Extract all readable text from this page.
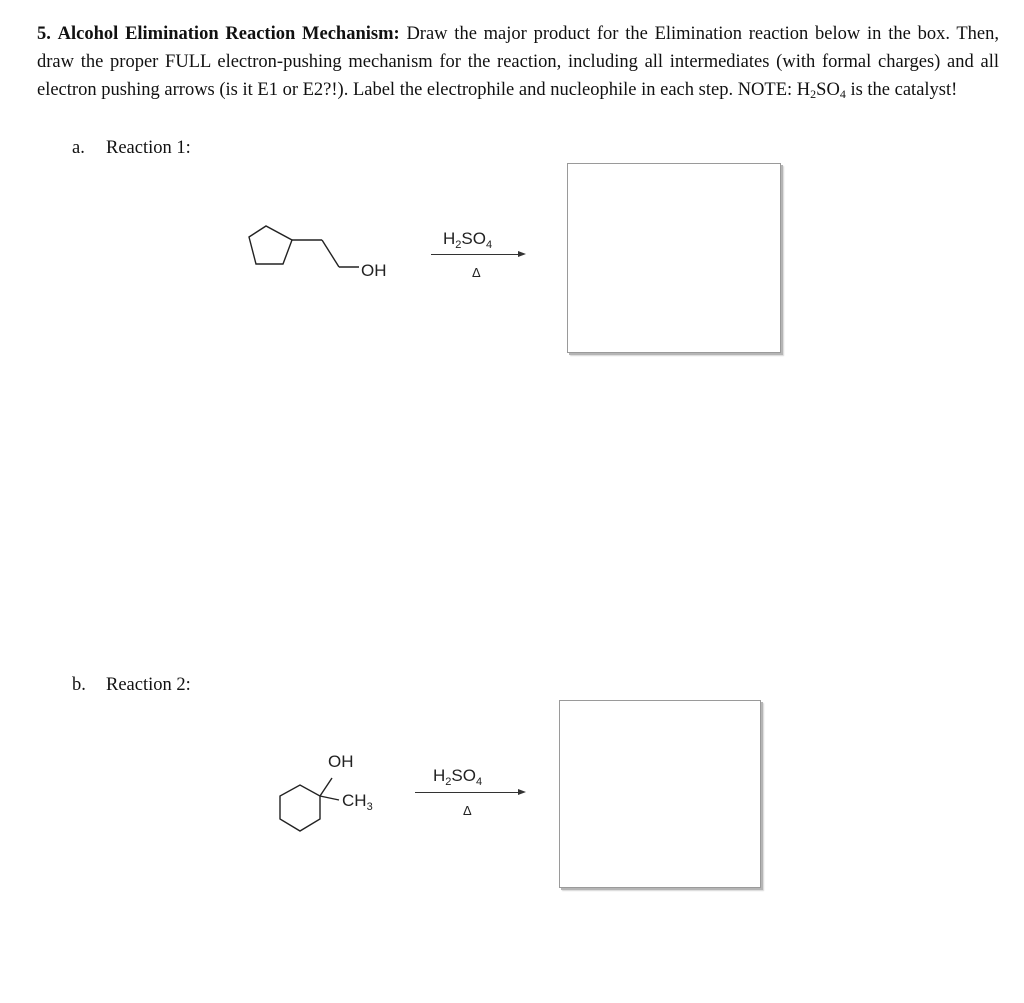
5. Alcohol Elimination Reaction Mechanism: Draw the major product for the Elimination reaction below in the box. Then, draw the proper FULL electron-pushing mechanism for the reaction, including all intermediates (with formal charges) and all electron pushing arrows (is it E1 or E2?!). Label the electrophile and nucleophile in each step. NOTE: $H_2SO_4$ is the catalyst!
a. Reaction 1:
OH
$H_2SO_4$
Δ
b. Reaction 2:
OH
$CH_3$
$H_2SO_4$
Δ
